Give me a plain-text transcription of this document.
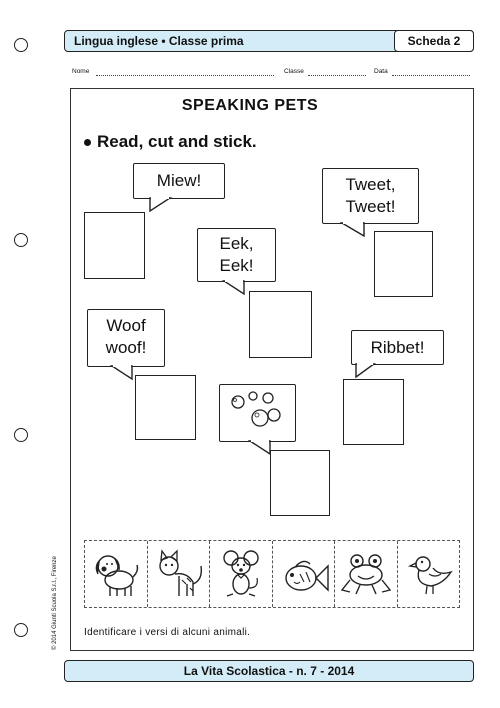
Lingua inglese • Classe prima	Scheda 2
Nome	Classe	Data
SPEAKING PETS
Read, cut and stick.
Miew!	Tweet,
Tweet!
Eek,
Eek!
Woof
woof!	Ribbet!
Identificare i versi di alcuni animali.
© 2014 Giunti Scuola S.r.l., Firenze
La Vita Scolastica - n. 7 - 2014
